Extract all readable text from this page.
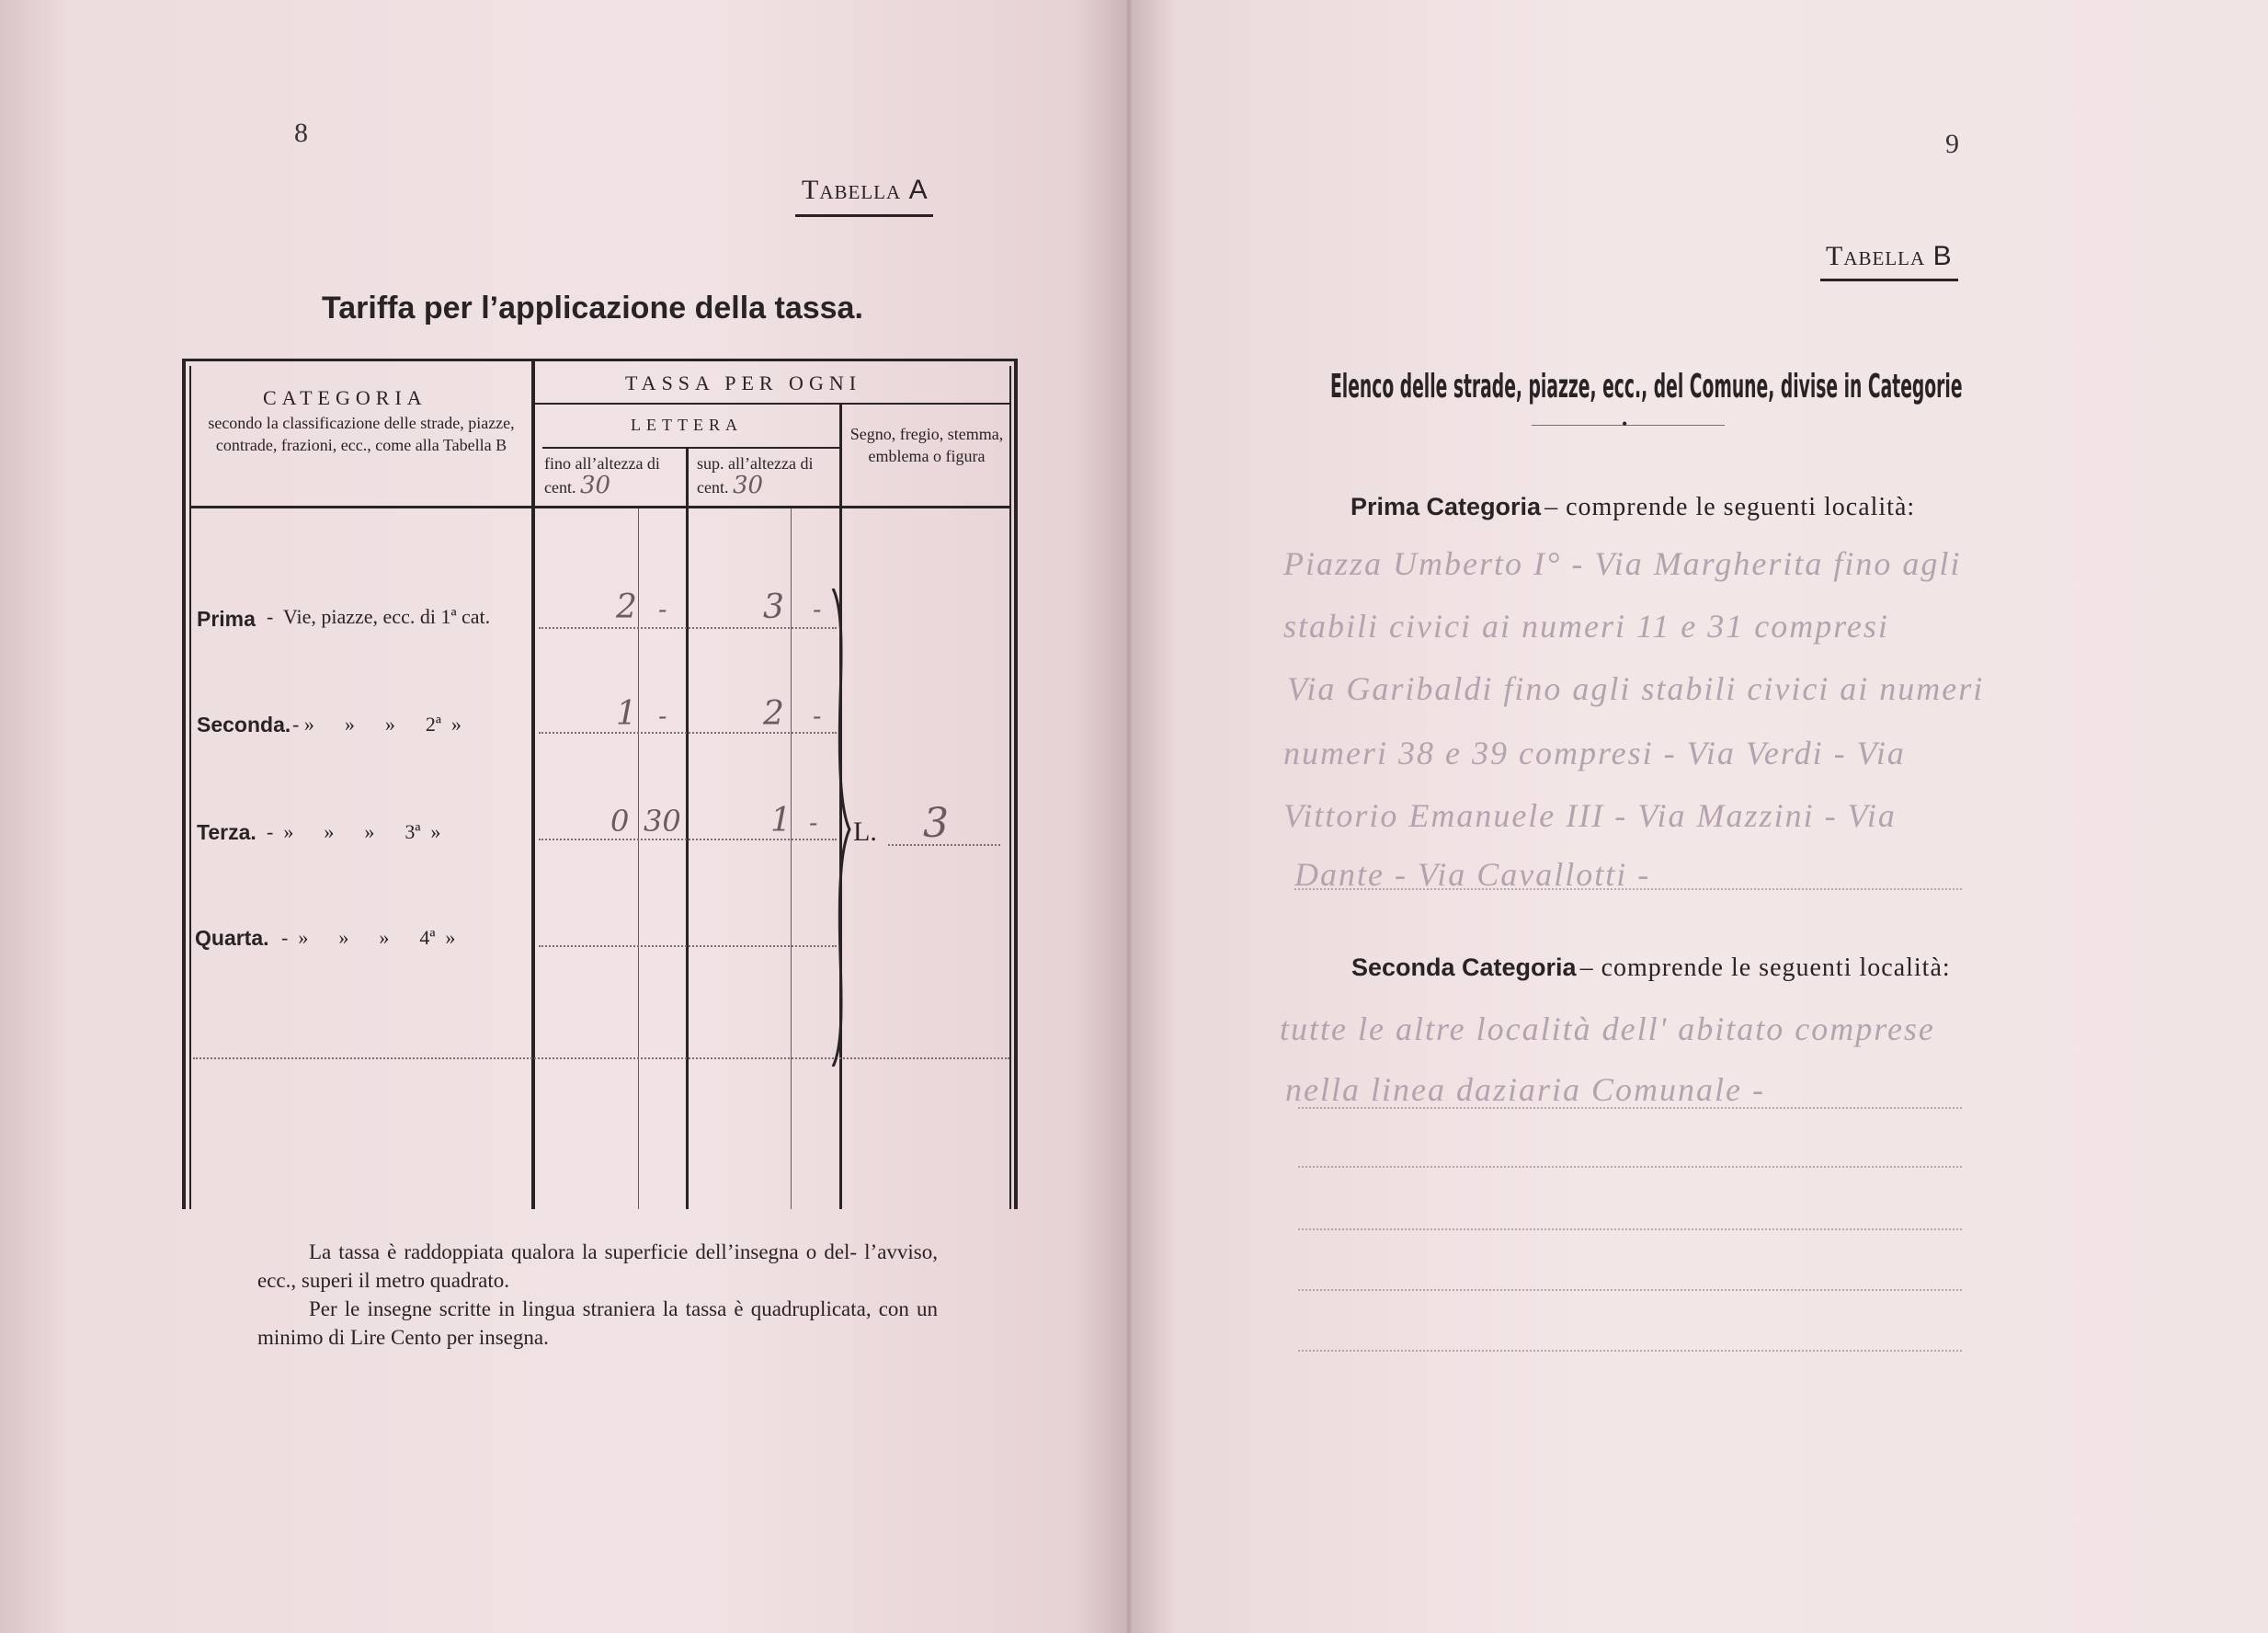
8
Tabella A
Tariffa per l’applicazione della tassa.
CATEGORIA
secondo la classificazione delle strade, piazze, contrade, frazioni, ecc., come alla Tabella B
TASSA PER OGNI
LETTERA
fino all’altezza di cent. 30
sup. all’altezza di cent. 30
Segno, fregio, stemma, emblema o figura
Prima -  Vie, piazze, ecc. di 1ª cat.	2 -	3 -
Seconda. - »      »      »      2ª  »	1 -	2 -
Terza. -  »      »      »      3ª  »	0 30	1 -
Quarta. -  »      »      »      4ª  »
L. 3
La tassa è raddoppiata qualora la superficie dell’insegna o del- l’avviso, ecc., superi il metro quadrato.
Per le insegne scritte in lingua straniera la tassa è quadruplicata, con un minimo di Lire Cento per insegna.
9
Tabella B
Elenco delle strade, piazze, ecc., del Comune, divise in Categorie
•
Prima Categoria – comprende le seguenti località:
Piazza Umberto I° - Via Margherita fino agli
stabili civici ai numeri 11 e 31 compresi
Via Garibaldi fino agli stabili civici ai numeri
numeri 38 e 39 compresi - Via Verdi - Via
Vittorio Emanuele III - Via Mazzini - Via
Dante - Via Cavallotti -
Seconda Categoria – comprende le seguenti località:
tutte le altre località dell' abitato comprese
nella linea daziaria Comunale -
